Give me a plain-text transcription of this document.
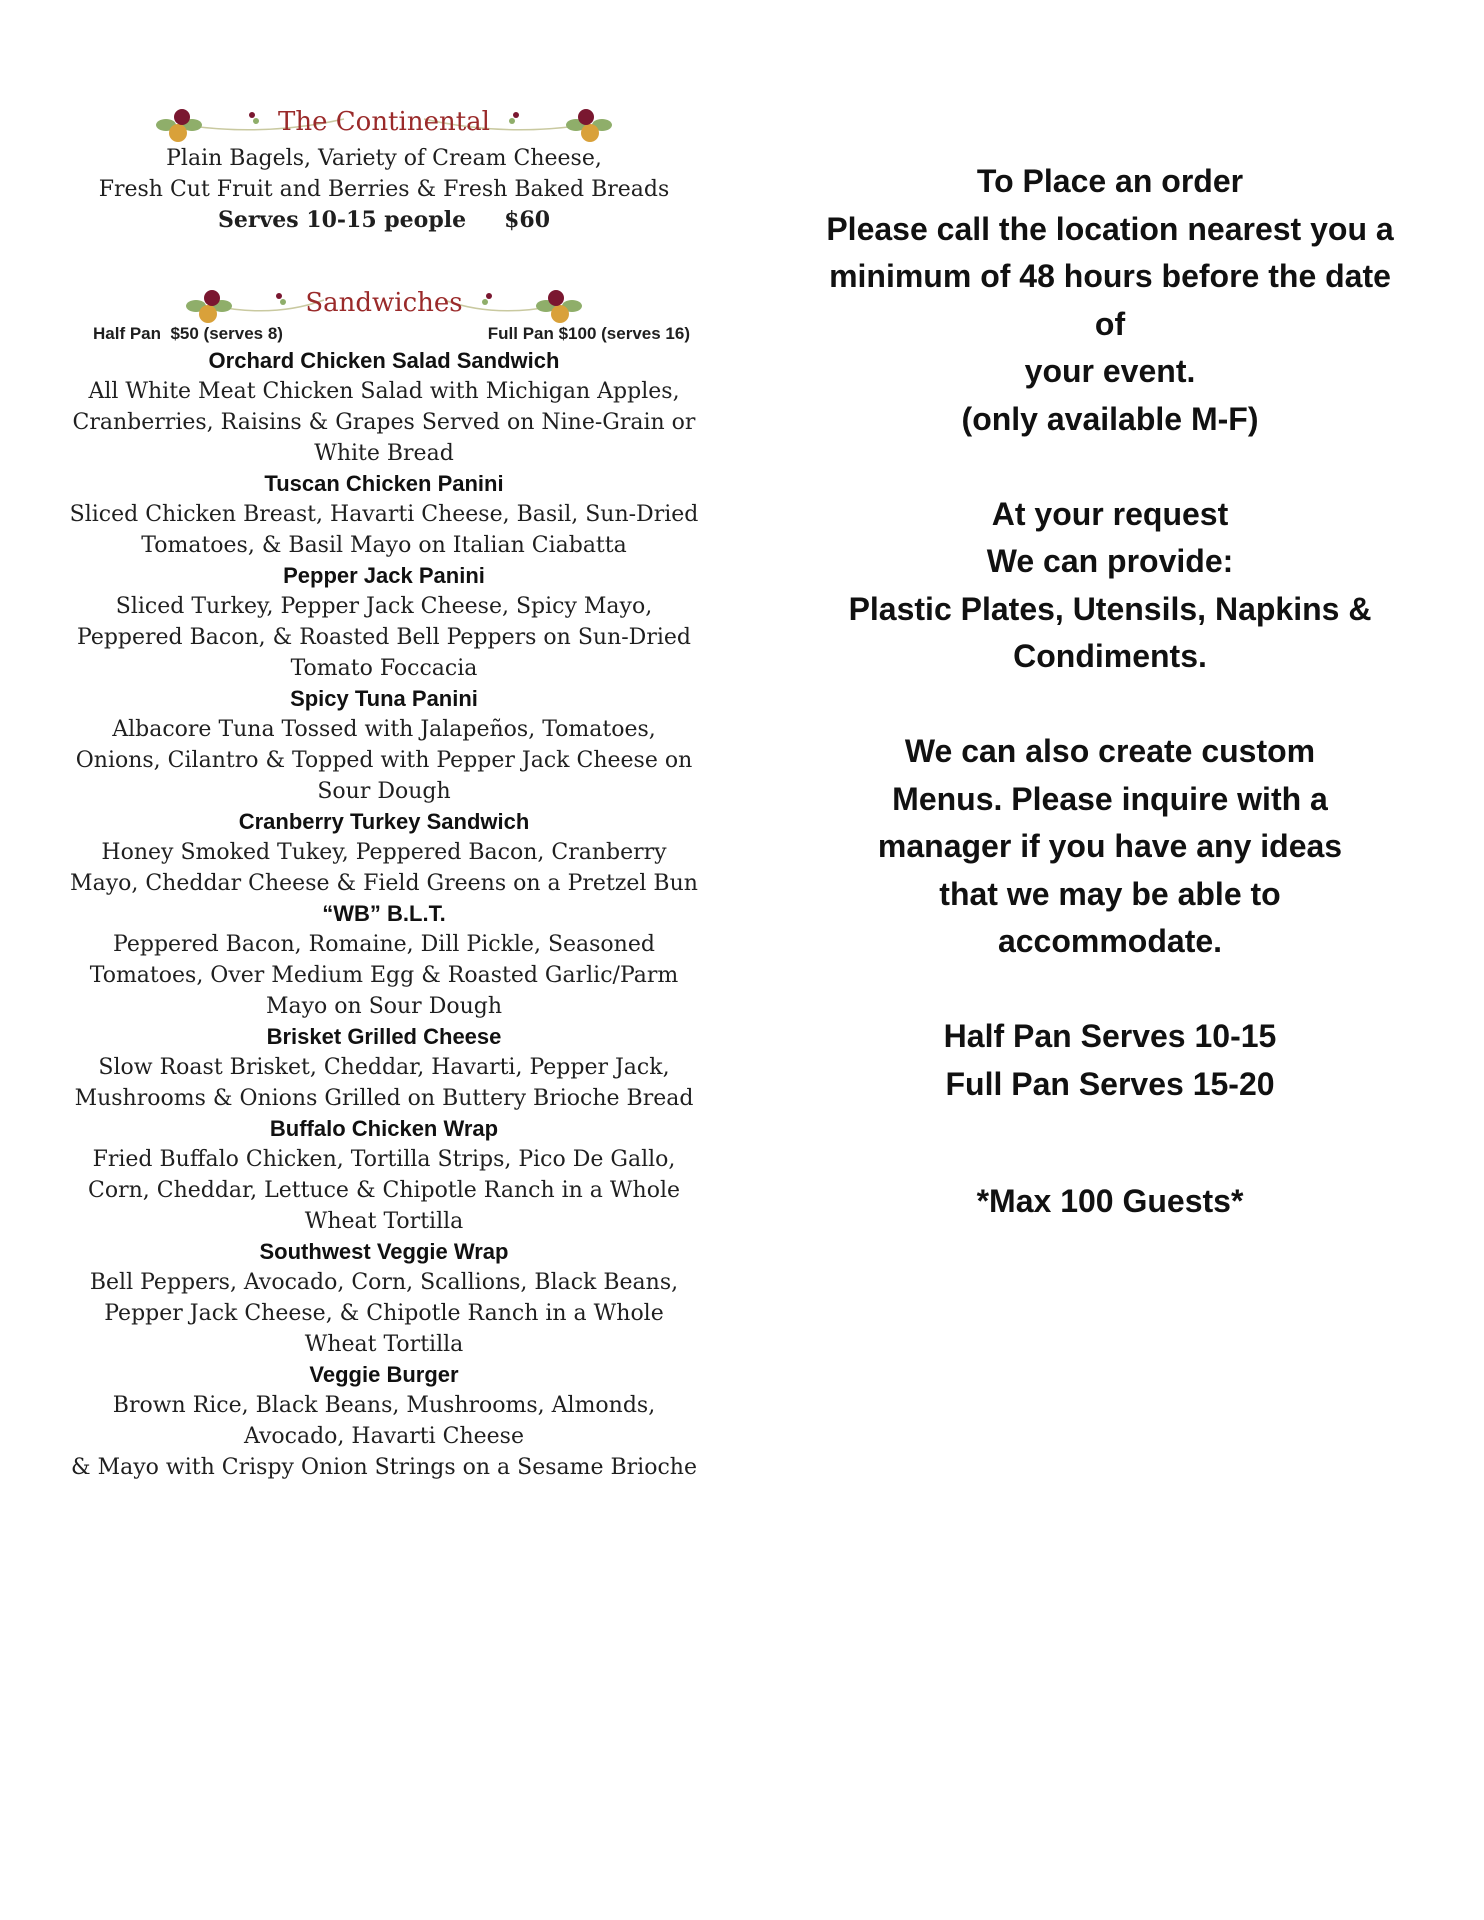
The Continental

Plain Bagels, Variety of Cream Cheese,

Fresh Cut Fruit and Berries & Fresh Baked Breads

Serves 10-15 people $60

Sandwiches
Half Pan  $50 (serves 8)	Full Pan $100 (serves 16)

Orchard Chicken Salad Sandwich

All White Meat Chicken Salad with Michigan Apples,

Cranberries, Raisins & Grapes Served on Nine-Grain or

White Bread

Tuscan Chicken Panini

Sliced Chicken Breast, Havarti Cheese, Basil, Sun-Dried

Tomatoes, & Basil Mayo on Italian Ciabatta

Pepper Jack Panini

Sliced Turkey, Pepper Jack Cheese, Spicy Mayo,

Peppered Bacon, & Roasted Bell Peppers on Sun-Dried

Tomato Foccacia

Spicy Tuna Panini

Albacore Tuna Tossed with Jalapeños, Tomatoes,

Onions, Cilantro & Topped with Pepper Jack Cheese on

Sour Dough

Cranberry Turkey Sandwich

Honey Smoked Tukey, Peppered Bacon, Cranberry

Mayo, Cheddar Cheese & Field Greens on a Pretzel Bun

“WB” B.L.T.

Peppered Bacon, Romaine, Dill Pickle, Seasoned

Tomatoes, Over Medium Egg & Roasted Garlic/Parm

Mayo on Sour Dough

Brisket Grilled Cheese

Slow Roast Brisket, Cheddar, Havarti, Pepper Jack,

Mushrooms & Onions Grilled on Buttery Brioche Bread

Buffalo Chicken Wrap

Fried Buffalo Chicken, Tortilla Strips, Pico De Gallo,

Corn, Cheddar, Lettuce & Chipotle Ranch in a Whole

Wheat Tortilla

Southwest Veggie Wrap

Bell Peppers, Avocado, Corn, Scallions, Black Beans,

Pepper Jack Cheese, & Chipotle Ranch in a Whole

Wheat Tortilla

Veggie Burger

Brown Rice, Black Beans, Mushrooms, Almonds,

Avocado, Havarti Cheese

& Mayo with Crispy Onion Strings on a Sesame Brioche

To Place an order

Please call the location nearest you a

minimum of 48 hours before the date

of

your event.

(only available M-F)

At your request

We can provide:

Plastic Plates, Utensils, Napkins &

Condiments.

We can also create custom

Menus. Please inquire with a

manager if you have any ideas

that we may be able to

accommodate.

Half Pan Serves 10-15

Full Pan Serves 15-20

*Max 100 Guests*
